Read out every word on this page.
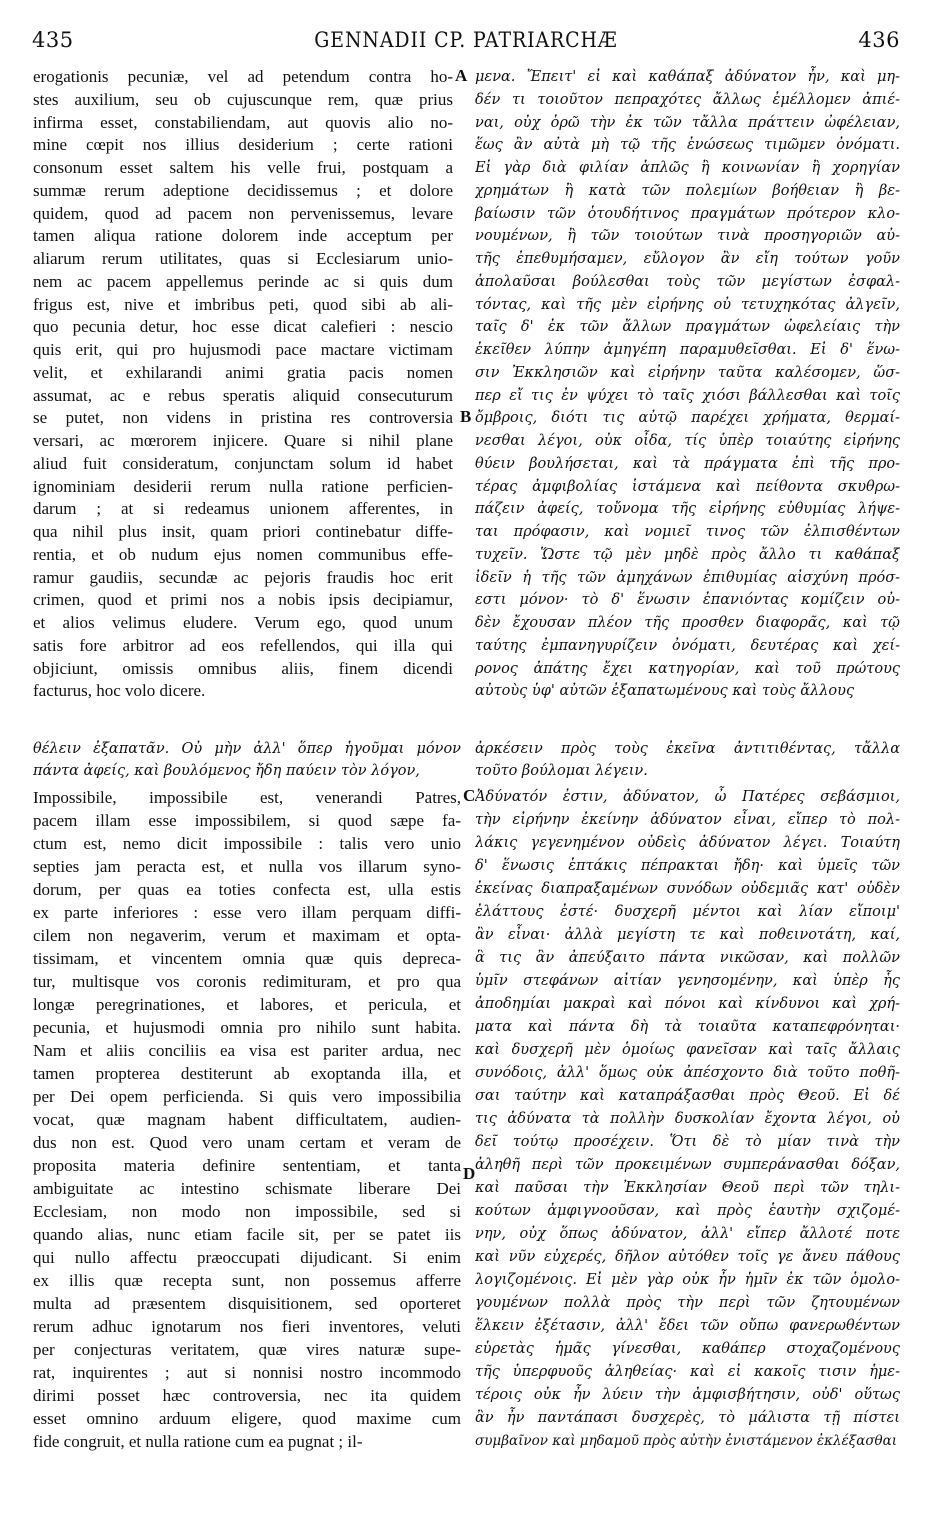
435	GENNADII CP. PATRIARCHÆ	436
A
B
C
D
erogationis pecuniæ, vel ad petendum contra ho-
stes auxilium, seu ob cujuscunque rem, quæ prius
infirma esset, constabiliendam, aut quovis alio no-
mine cœpit nos illius desiderium ; certe rationi
consonum esset saltem his velle frui, postquam a
summæ rerum adeptione decidissemus ; et dolore
quidem, quod ad pacem non pervenissemus, levare
tamen aliqua ratione dolorem inde acceptum per
aliarum rerum utilitates, quas si Ecclesiarum unio-
nem ac pacem appellemus perinde ac si quis dum
frigus est, nive et imbribus peti, quod sibi ab ali-
quo pecunia detur, hoc esse dicat calefieri : nescio
quis erit, qui pro hujusmodi pace mactare victimam
velit, et exhilarandi animi gratia pacis nomen
assumat, ac e rebus speratis aliquid consecuturum
se putet, non videns in pristina res controversia
versari, ac mœrorem injicere. Quare si nihil plane
aliud fuit consideratum, conjunctam solum id habet
ignominiam desiderii rerum nulla ratione perficien-
darum ; at si redeamus unionem afferentes, in
qua nihil plus insit, quam priori continebatur diffe-
rentia, et ob nudum ejus nomen communibus effe-
ramur gaudiis, secundæ ac pejoris fraudis hoc erit
crimen, quod et primi nos a nobis ipsis decipiamur,
et alios velimus eludere. Verum ego, quod unum
satis fore arbitror ad eos refellendos, qui illa qui
objiciunt, omissis omnibus aliis, finem dicendi
facturus, hoc volo dicere.
μενα. Ἔπειτ' εἰ καὶ καθάπαξ ἀδύνατον ἦν, καὶ μη-
δέν τι τοιοῦτον πεπραχότες ἄλλως ἐμέλλομεν ἀπιέ-
ναι, οὐχ ὁρῶ τὴν ἐκ τῶν τἄλλα πράττειν ὠφέλειαν,
ἕως ἂν αὐτὰ μὴ τῷ τῆς ἑνώσεως τιμῶμεν ὀνόματι.
Εἰ γὰρ διὰ φιλίαν ἁπλῶς ἢ κοινωνίαν ἢ χορηγίαν
χρημάτων ἢ κατὰ τῶν πολεμίων βοήθειαν ἢ βε-
βαίωσιν τῶν ὁτουδήτινος πραγμάτων πρότερον κλο-
νουμένων, ἢ τῶν τοιούτων τινὰ προσηγοριῶν αὐ-
τῆς ἐπεθυμήσαμεν, εὔλογον ἂν εἴη τούτων γοῦν
ἀπολαῦσαι βούλεσθαι τοὺς τῶν μεγίστων ἐσφαλ-
τόντας, καὶ τῆς μὲν εἰρήνης οὐ τετυχηκότας ἀλγεῖν,
ταῖς δ' ἐκ τῶν ἄλλων πραγμάτων ὠφελείαις τὴν
ἐκεῖθεν λύπην ἀμηγέπη παραμυθεῖσθαι. Εἰ δ' ἕνω-
σιν Ἐκκλησιῶν καὶ εἰρήνην ταῦτα καλέσομεν, ὥσ-
περ εἴ τις ἐν ψύχει τὸ ταῖς χιόσι βάλλεσθαι καὶ τοῖς
ὄμβροις, διότι τις αὐτῷ παρέχει χρήματα, θερμαί-
νεσθαι λέγοι, οὐκ οἶδα, τίς ὑπὲρ τοιαύτης εἰρήνης
θύειν βουλήσεται, καὶ τὰ πράγματα ἐπὶ τῆς προ-
τέρας ἀμφιβολίας ἱστάμενα καὶ πείθοντα σκυθρω-
πάζειν ἀφείς, τοὔνομα τῆς εἰρήνης εὐθυμίας λήψε-
ται πρόφασιν, καὶ νομιεῖ τινος τῶν ἐλπισθέντων
τυχεῖν. Ὥστε τῷ μὲν μηδὲ πρὸς ἄλλο τι καθάπαξ
ἰδεῖν ἡ τῆς τῶν ἀμηχάνων ἐπιθυμίας αἰσχύνη πρόσ-
εστι μόνον· τὸ δ' ἕνωσιν ἐπανιόντας κομίζειν οὐ-
δὲν ἔχουσαν πλέον τῆς προσθεν διαφορᾶς, καὶ τῷ
ταύτης ἐμπανηγυρίζειν ὀνόματι, δευτέρας καὶ χεί-
ρονος ἀπάτης ἔχει κατηγορίαν, καὶ τοῦ πρώτους
αὐτοὺς ὑφ' αὐτῶν ἐξαπατωμένους καὶ τοὺς ἄλλους
θέλειν ἐξαπατᾶν. Οὐ μὴν ἀλλ' ὅπερ ἡγοῦμαι μόνον
πάντα ἀφείς, καὶ βουλόμενος ἤδη παύειν τὸν λόγον,
ἀρκέσειν πρὸς τοὺς ἐκεῖνα ἀντιτιθέντας, τἄλλα
τοῦτο βούλομαι λέγειν.
Impossibile, impossibile est, venerandi Patres,
pacem illam esse impossibilem, si quod sæpe fa-
ctum est, nemo dicit impossibile : talis vero unio
septies jam peracta est, et nulla vos illarum syno-
dorum, per quas ea toties confecta est, ulla estis
ex parte inferiores : esse vero illam perquam diffi-
cilem non negaverim, verum et maximam et opta-
tissimam, et vincentem omnia quæ quis depreca-
tur, multisque vos coronis redimituram, et pro qua
longæ peregrinationes, et labores, et pericula, et
pecunia, et hujusmodi omnia pro nihilo sunt habita.
Nam et aliis conciliis ea visa est pariter ardua, nec
tamen propterea destiterunt ab exoptanda illa, et
per Dei opem perficienda. Si quis vero impossibilia
vocat, quæ magnam habent difficultatem, audien-
dus non est. Quod vero unam certam et veram de
proposita materia definire sententiam, et tanta
ambiguitate ac intestino schismate liberare Dei
Ecclesiam, non modo non impossibile, sed si
quando alias, nunc etiam facile sit, per se patet iis
qui nullo affectu præoccupati dijudicant. Si enim
ex illis quæ recepta sunt, non possemus afferre
multa ad præsentem disquisitionem, sed oporteret
rerum adhuc ignotarum nos fieri inventores, veluti
per conjecturas veritatem, quæ vires naturæ supe-
rat, inquirentes ; aut si nonnisi nostro incommodo
dirimi posset hæc controversia, nec ita quidem
esset omnino arduum eligere, quod maxime cum
fide congruit, et nulla ratione cum ea pugnat ; il-
Ἀδύνατόν ἐστιν, ἀδύνατον, ὦ Πατέρες σεβάσμιοι,
τὴν εἰρήνην ἐκείνην ἀδύνατον εἶναι, εἴπερ τὸ πολ-
λάκις γεγενημένον οὐδεὶς ἀδύνατον λέγει. Τοιαύτη
δ' ἕνωσις ἑπτάκις πέπρακται ἤδη· καὶ ὑμεῖς τῶν
ἐκείνας διαπραξαμένων συνόδων οὐδεμιᾶς κατ' οὐδὲν
ἐλάττους ἐστέ· δυσχερῆ μέντοι καὶ λίαν εἴποιμ'
ἂν εἶναι· ἀλλὰ μεγίστη τε καὶ ποθεινοτάτη, καί,
ἃ τις ἂν ἀπεύξαιτο πάντα νικῶσαν, καὶ πολλῶν
ὑμῖν στεφάνων αἰτίαν γενησομένην, καὶ ὑπὲρ ἧς
ἀποδημίαι μακραὶ καὶ πόνοι καὶ κίνδυνοι καὶ χρή-
ματα καὶ πάντα δὴ τὰ τοιαῦτα καταπεφρόνηται·
καὶ δυσχερῆ μὲν ὁμοίως φανεῖσαν καὶ ταῖς ἄλλαις
συνόδοις, ἀλλ' ὅμως οὐκ ἀπέσχοντο διὰ τοῦτο ποθῆ-
σαι ταύτην καὶ καταπράξασθαι πρὸς Θεοῦ. Εἰ δέ
τις ἀδύνατα τὰ πολλὴν δυσκολίαν ἔχοντα λέγοι, οὐ
δεῖ τούτῳ προσέχειν. Ὅτι δὲ τὸ μίαν τινὰ τὴν
ἀληθῆ περὶ τῶν προκειμένων συμπεράνασθαι δόξαν,
καὶ παῦσαι τὴν Ἐκκλησίαν Θεοῦ περὶ τῶν τηλι-
κούτων ἀμφιγνοοῦσαν, καὶ πρὸς ἑαυτὴν σχιζομέ-
νην, οὐχ ὅπως ἀδύνατον, ἀλλ' εἴπερ ἄλλοτέ ποτε
καὶ νῦν εὐχερές, δῆλον αὐτόθεν τοῖς γε ἄνευ πάθους
λογιζομένοις. Εἰ μὲν γὰρ οὐκ ἦν ἡμῖν ἐκ τῶν ὁμολο-
γουμένων πολλὰ πρὸς τὴν περὶ τῶν ζητουμένων
ἕλκειν ἐξέτασιν, ἀλλ' ἔδει τῶν οὔπω φανερωθέντων
εὑρετὰς ἡμᾶς γίνεσθαι, καθάπερ στοχαζομένους
τῆς ὑπερφυοῦς ἀληθείας· καὶ εἰ κακοῖς τισιν ἡμε-
τέροις οὐκ ἦν λύειν τὴν ἀμφισβήτησιν, οὐδ' οὕτως
ἂν ἦν παντάπασι δυσχερὲς, τὸ μάλιστα τῇ πίστει
συμβαῖνον καὶ μηδαμοῦ πρὸς αὐτὴν ἐνιστάμενον ἐκλέξασθαι
